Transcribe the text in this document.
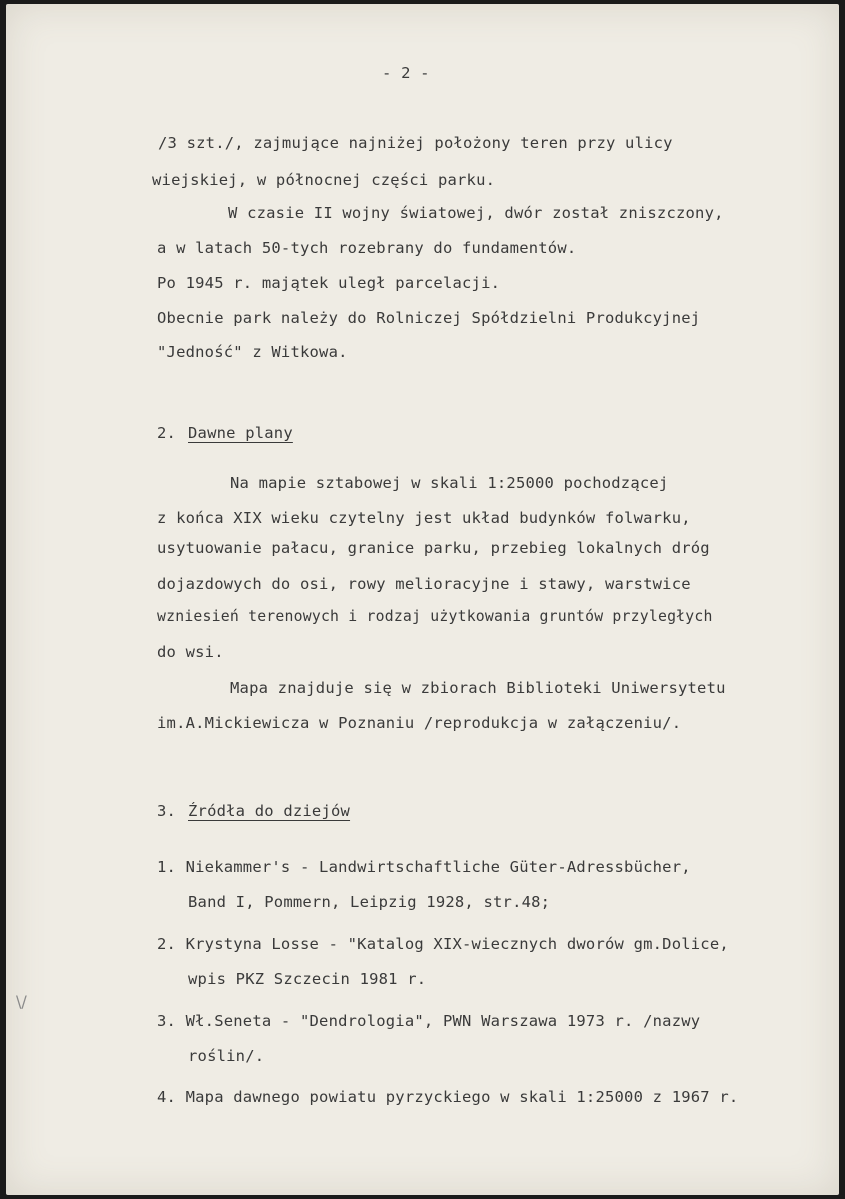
- 2 -
/3 szt./, zajmujące najniżej położony teren przy ulicy
wiejskiej, w północnej części parku.
W czasie II wojny światowej, dwór został zniszczony,
a w latach 50-tych rozebrany do fundamentów.
Po 1945 r. majątek uległ parcelacji.
Obecnie park należy do Rolniczej Spółdzielni Produkcyjnej
"Jedność" z Witkowa.
2. Dawne plany
Na mapie sztabowej w skali 1:25000 pochodzącej
z końca XIX wieku czytelny jest układ budynków folwarku,
usytuowanie pałacu, granice parku, przebieg lokalnych dróg
dojazdowych do osi, rowy melioracyjne i stawy, warstwice
wzniesień terenowych i rodzaj użytkowania gruntów przyległych
do wsi.
Mapa znajduje się w zbiorach Biblioteki Uniwersytetu
im.A.Mickiewicza w Poznaniu /reprodukcja w załączeniu/.
3. Źródła do dziejów
1. Niekammer's - Landwirtschaftliche Güter-Adressbücher,
Band I, Pommern, Leipzig 1928, str.48;
2. Krystyna Losse - "Katalog XIX-wiecznych dworów gm.Dolice,
wpis PKZ Szczecin 1981 r.
3. Wł.Seneta - "Dendrologia", PWN Warszawa 1973 r. /nazwy
roślin/.
4. Mapa dawnego powiatu pyrzyckiego w skali 1:25000 z 1967 r.
\/
